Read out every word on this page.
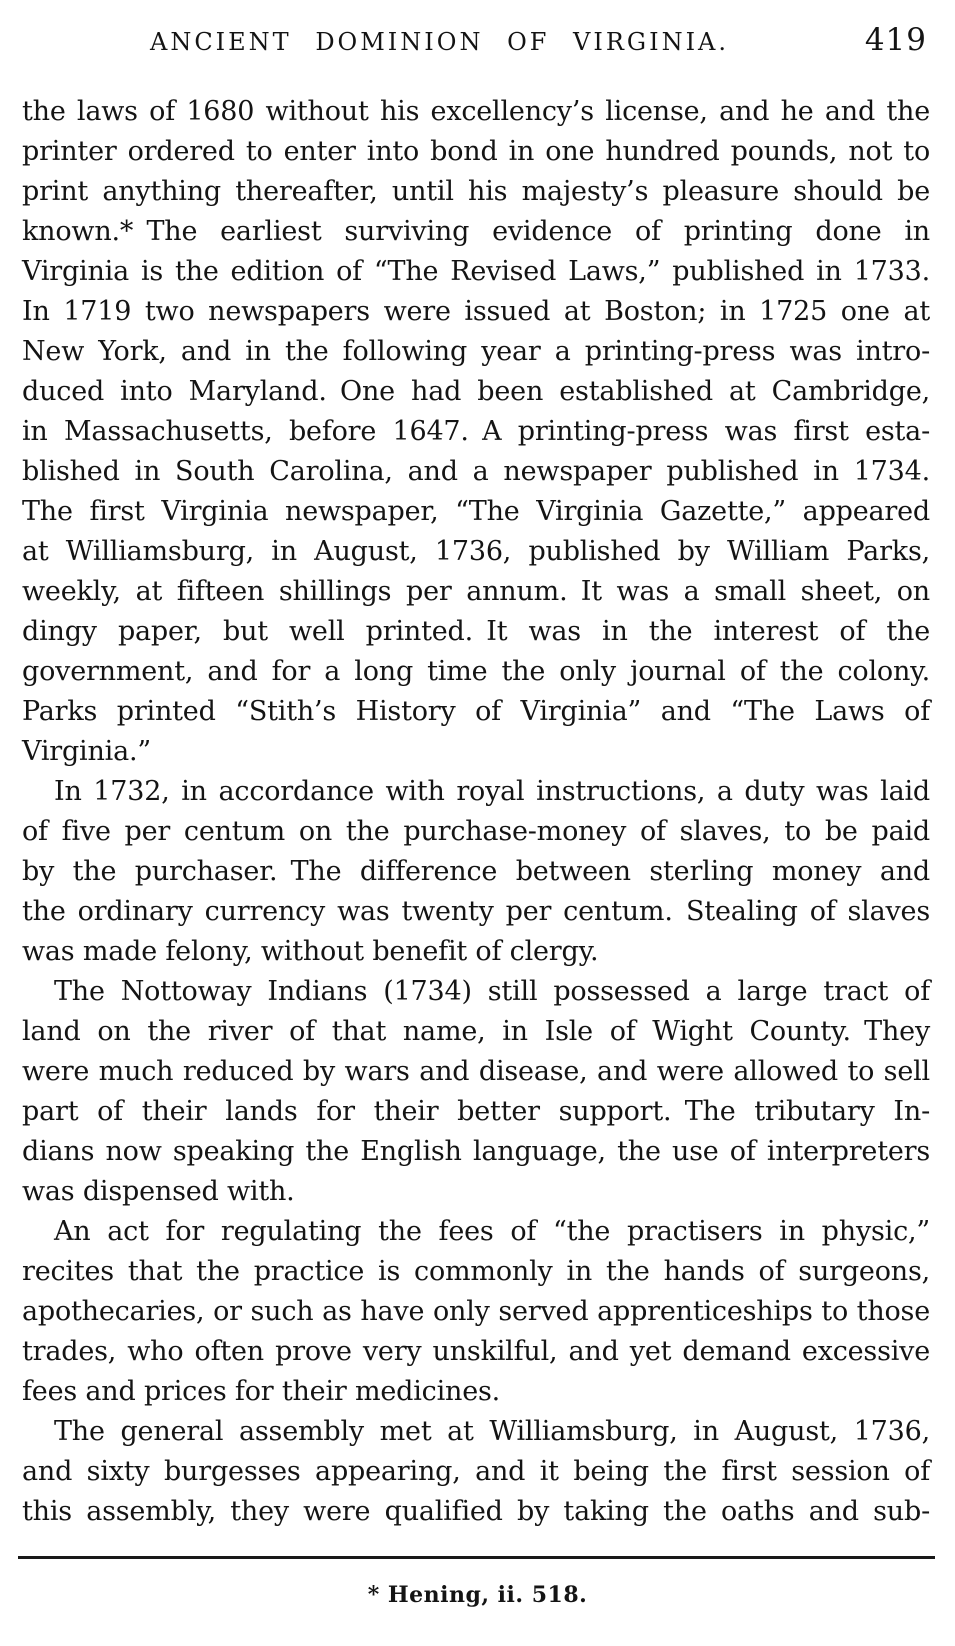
ANCIENT DOMINION OF VIRGINIA.	419
the laws of 1680 without his excellency’s license, and he and the
printer ordered to enter into bond in one hundred pounds, not to
print anything thereafter, until his majesty’s pleasure should be
known.* The earliest surviving evidence of printing done in
Virginia is the edition of “The Revised Laws,” published in 1733.
In 1719 two newspapers were issued at Boston; in 1725 one at
New York, and in the following year a printing-press was intro-
duced into Maryland. One had been established at Cambridge,
in Massachusetts, before 1647. A printing-press was first esta-
blished in South Carolina, and a newspaper published in 1734.
The first Virginia newspaper, “The Virginia Gazette,” appeared
at Williamsburg, in August, 1736, published by William Parks,
weekly, at fifteen shillings per annum. It was a small sheet, on
dingy paper, but well printed. It was in the interest of the
government, and for a long time the only journal of the colony.
Parks printed “Stith’s History of Virginia” and “The Laws of
Virginia.”
In 1732, in accordance with royal instructions, a duty was laid
of five per centum on the purchase-money of slaves, to be paid
by the purchaser. The difference between sterling money and
the ordinary currency was twenty per centum. Stealing of slaves
was made felony, without benefit of clergy.
The Nottoway Indians (1734) still possessed a large tract of
land on the river of that name, in Isle of Wight County. They
were much reduced by wars and disease, and were allowed to sell
part of their lands for their better support. The tributary In-
dians now speaking the English language, the use of interpreters
was dispensed with.
An act for regulating the fees of “the practisers in physic,”
recites that the practice is commonly in the hands of surgeons,
apothecaries, or such as have only served apprenticeships to those
trades, who often prove very unskilful, and yet demand excessive
fees and prices for their medicines.
The general assembly met at Williamsburg, in August, 1736,
and sixty burgesses appearing, and it being the first session of
this assembly, they were qualified by taking the oaths and sub-
* Hening, ii. 518.
